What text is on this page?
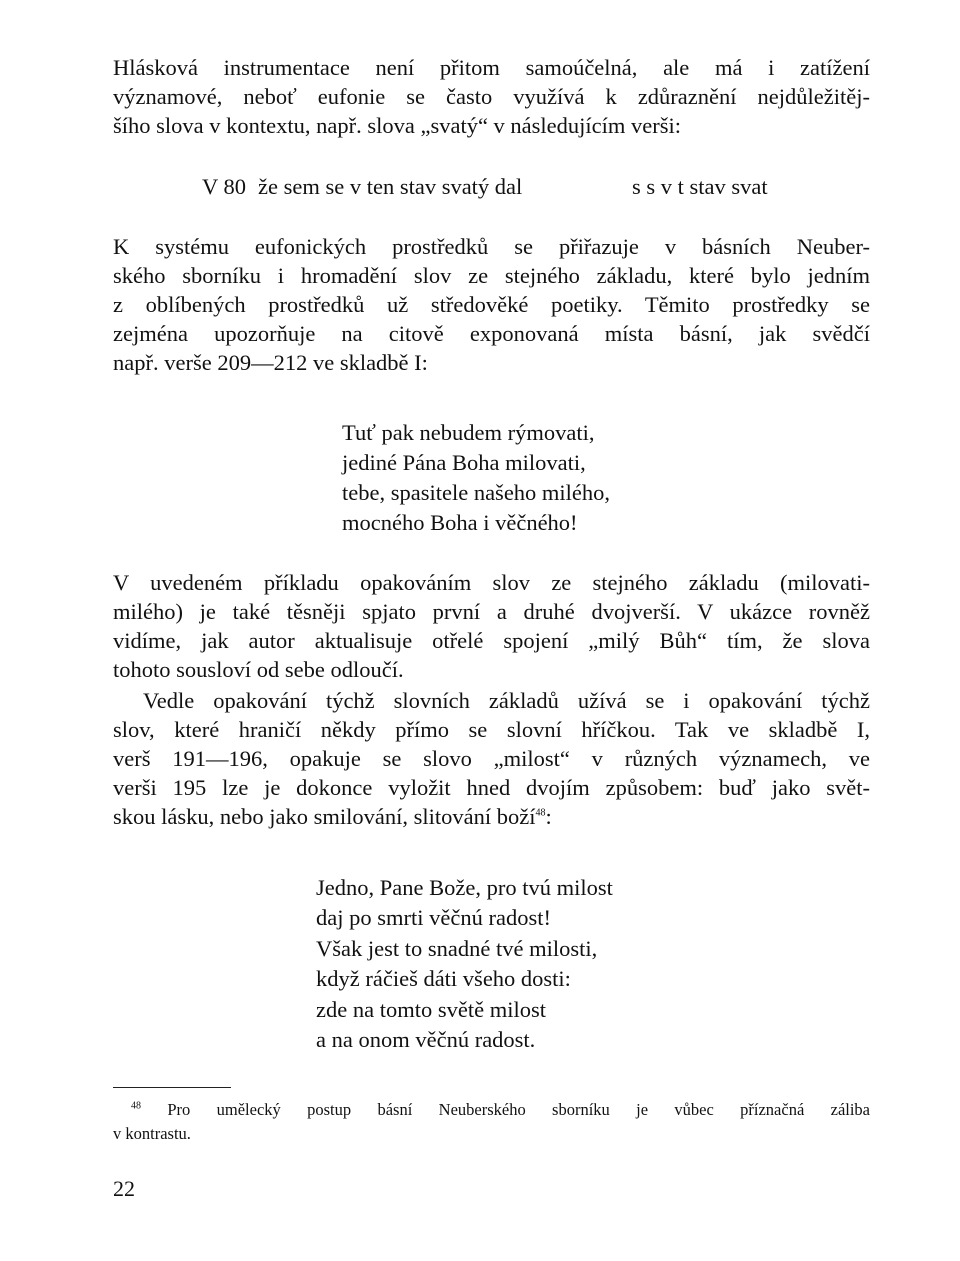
Hlásková instrumentace není přitom samoúčelná, ale má i zatížení
významové, neboť eufonie se často využívá k zdůraznění nejdůležitěj-
šího slova v kontextu, např. slova „svatý“ v následujícím verši:

V 80 že sem se v ten stav svatý dal	s s v t stav svat

K systému eufonických prostředků se přiřazuje v básních Neuber-
ského sborníku i hromadění slov ze stejného základu, které bylo jedním
z oblíbených prostředků už středověké poetiky. Těmito prostředky se
zejména upozorňuje na citově exponovaná místa básní, jak svědčí
např. verše 209—212 ve skladbě I:

Tuť pak nebudem rýmovati,
jediné Pána Boha milovati,
tebe, spasitele našeho milého,
mocného Boha i věčného!

V uvedeném příkladu opakováním slov ze stejného základu (milovati-
milého) je také těsněji spjato první a druhé dvojverší. V ukázce rovněž
vidíme, jak autor aktualisuje otřelé spojení „milý Bůh“ tím, že slova
tohoto sousloví od sebe odloučí.

Vedle opakování týchž slovních základů užívá se i opakování týchž
slov, které hraničí někdy přímo se slovní hříčkou. Tak ve skladbě I,
verš 191—196, opakuje se slovo „milost“ v různých významech, ve
verši 195 lze je dokonce vyložit hned dvojím způsobem: buď jako svět-
skou lásku, nebo jako smilování, slitování boží$^{48}$:

Jedno, Pane Bože, pro tvú milost
daj po smrti věčnú radost!
Však jest to snadné tvé milosti,
když ráčieš dáti všeho dosti:
zde na tomto světě milost
a na onom věčnú radost.
$^{48}$ Pro umělecký postup básní Neuberského sborníku je vůbec příznačná záliba
v kontrastu.
22
